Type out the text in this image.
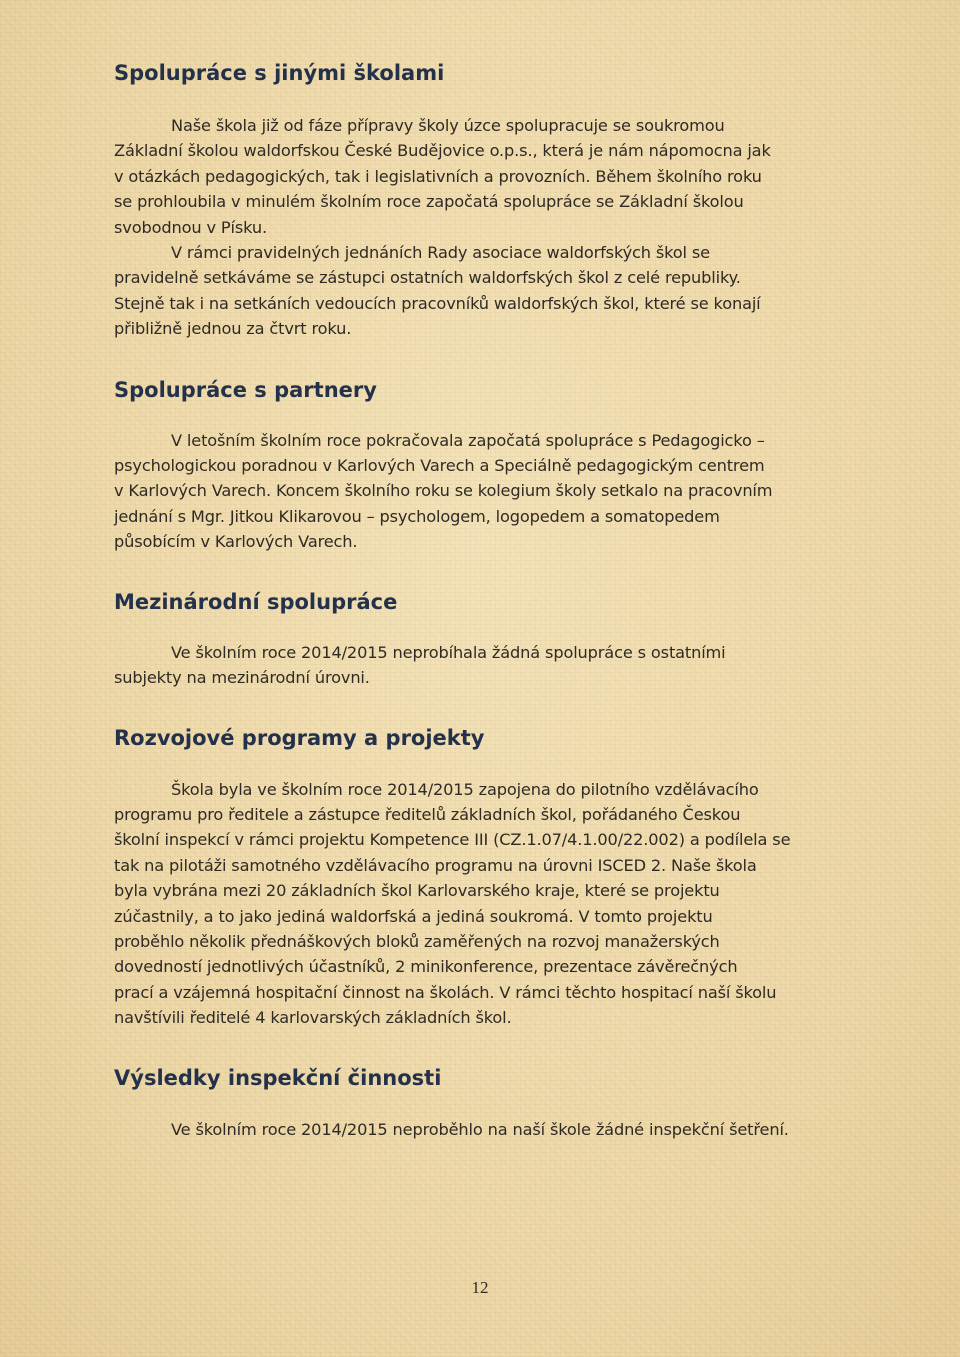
Spolupráce s jinými školami

Naše škola již od fáze přípravy školy úzce spolupracuje se soukromou
Základní školou waldorfskou České Budějovice o.p.s., která je nám nápomocna jak
v otázkách pedagogických, tak i legislativních a provozních. Během školního roku
se prohloubila v minulém školním roce započatá spolupráce se Základní školou
svobodnou v Písku.

V rámci pravidelných jednáních Rady asociace waldorfských škol se
pravidelně setkáváme se zástupci ostatních waldorfských škol z celé republiky.
Stejně tak i na setkáních vedoucích pracovníků waldorfských škol, které se konají
přibližně jednou za čtvrt roku.

Spolupráce s partnery

V letošním školním roce pokračovala započatá spolupráce s Pedagogicko –
psychologickou poradnou v Karlových Varech a Speciálně pedagogickým centrem
v Karlových Varech. Koncem školního roku se kolegium školy setkalo na pracovním
jednání s Mgr. Jitkou Klikarovou – psychologem, logopedem a somatopedem
působícím v Karlových Varech.

Mezinárodní spolupráce

Ve školním roce 2014/2015 neprobíhala žádná spolupráce s ostatními
subjekty na mezinárodní úrovni.

Rozvojové programy a projekty

Škola byla ve školním roce 2014/2015 zapojena do pilotního vzdělávacího
programu pro ředitele a zástupce ředitelů základních škol, pořádaného Českou
školní inspekcí v rámci projektu Kompetence III (CZ.1.07/4.1.00/22.002) a podílela se
tak na pilotáži samotného vzdělávacího programu na úrovni ISCED 2. Naše škola
byla vybrána mezi 20 základních škol Karlovarského kraje, které se projektu
zúčastnily, a to jako jediná waldorfská a jediná soukromá. V tomto projektu
proběhlo několik přednáškových bloků zaměřených na rozvoj manažerských
dovedností jednotlivých účastníků, 2 minikonference, prezentace závěrečných
prací a vzájemná hospitační činnost na školách. V rámci těchto hospitací naší školu
navštívili ředitelé 4 karlovarských základních škol.

Výsledky inspekční činnosti

Ve školním roce 2014/2015 neproběhlo na naší škole žádné inspekční šetření.

12
